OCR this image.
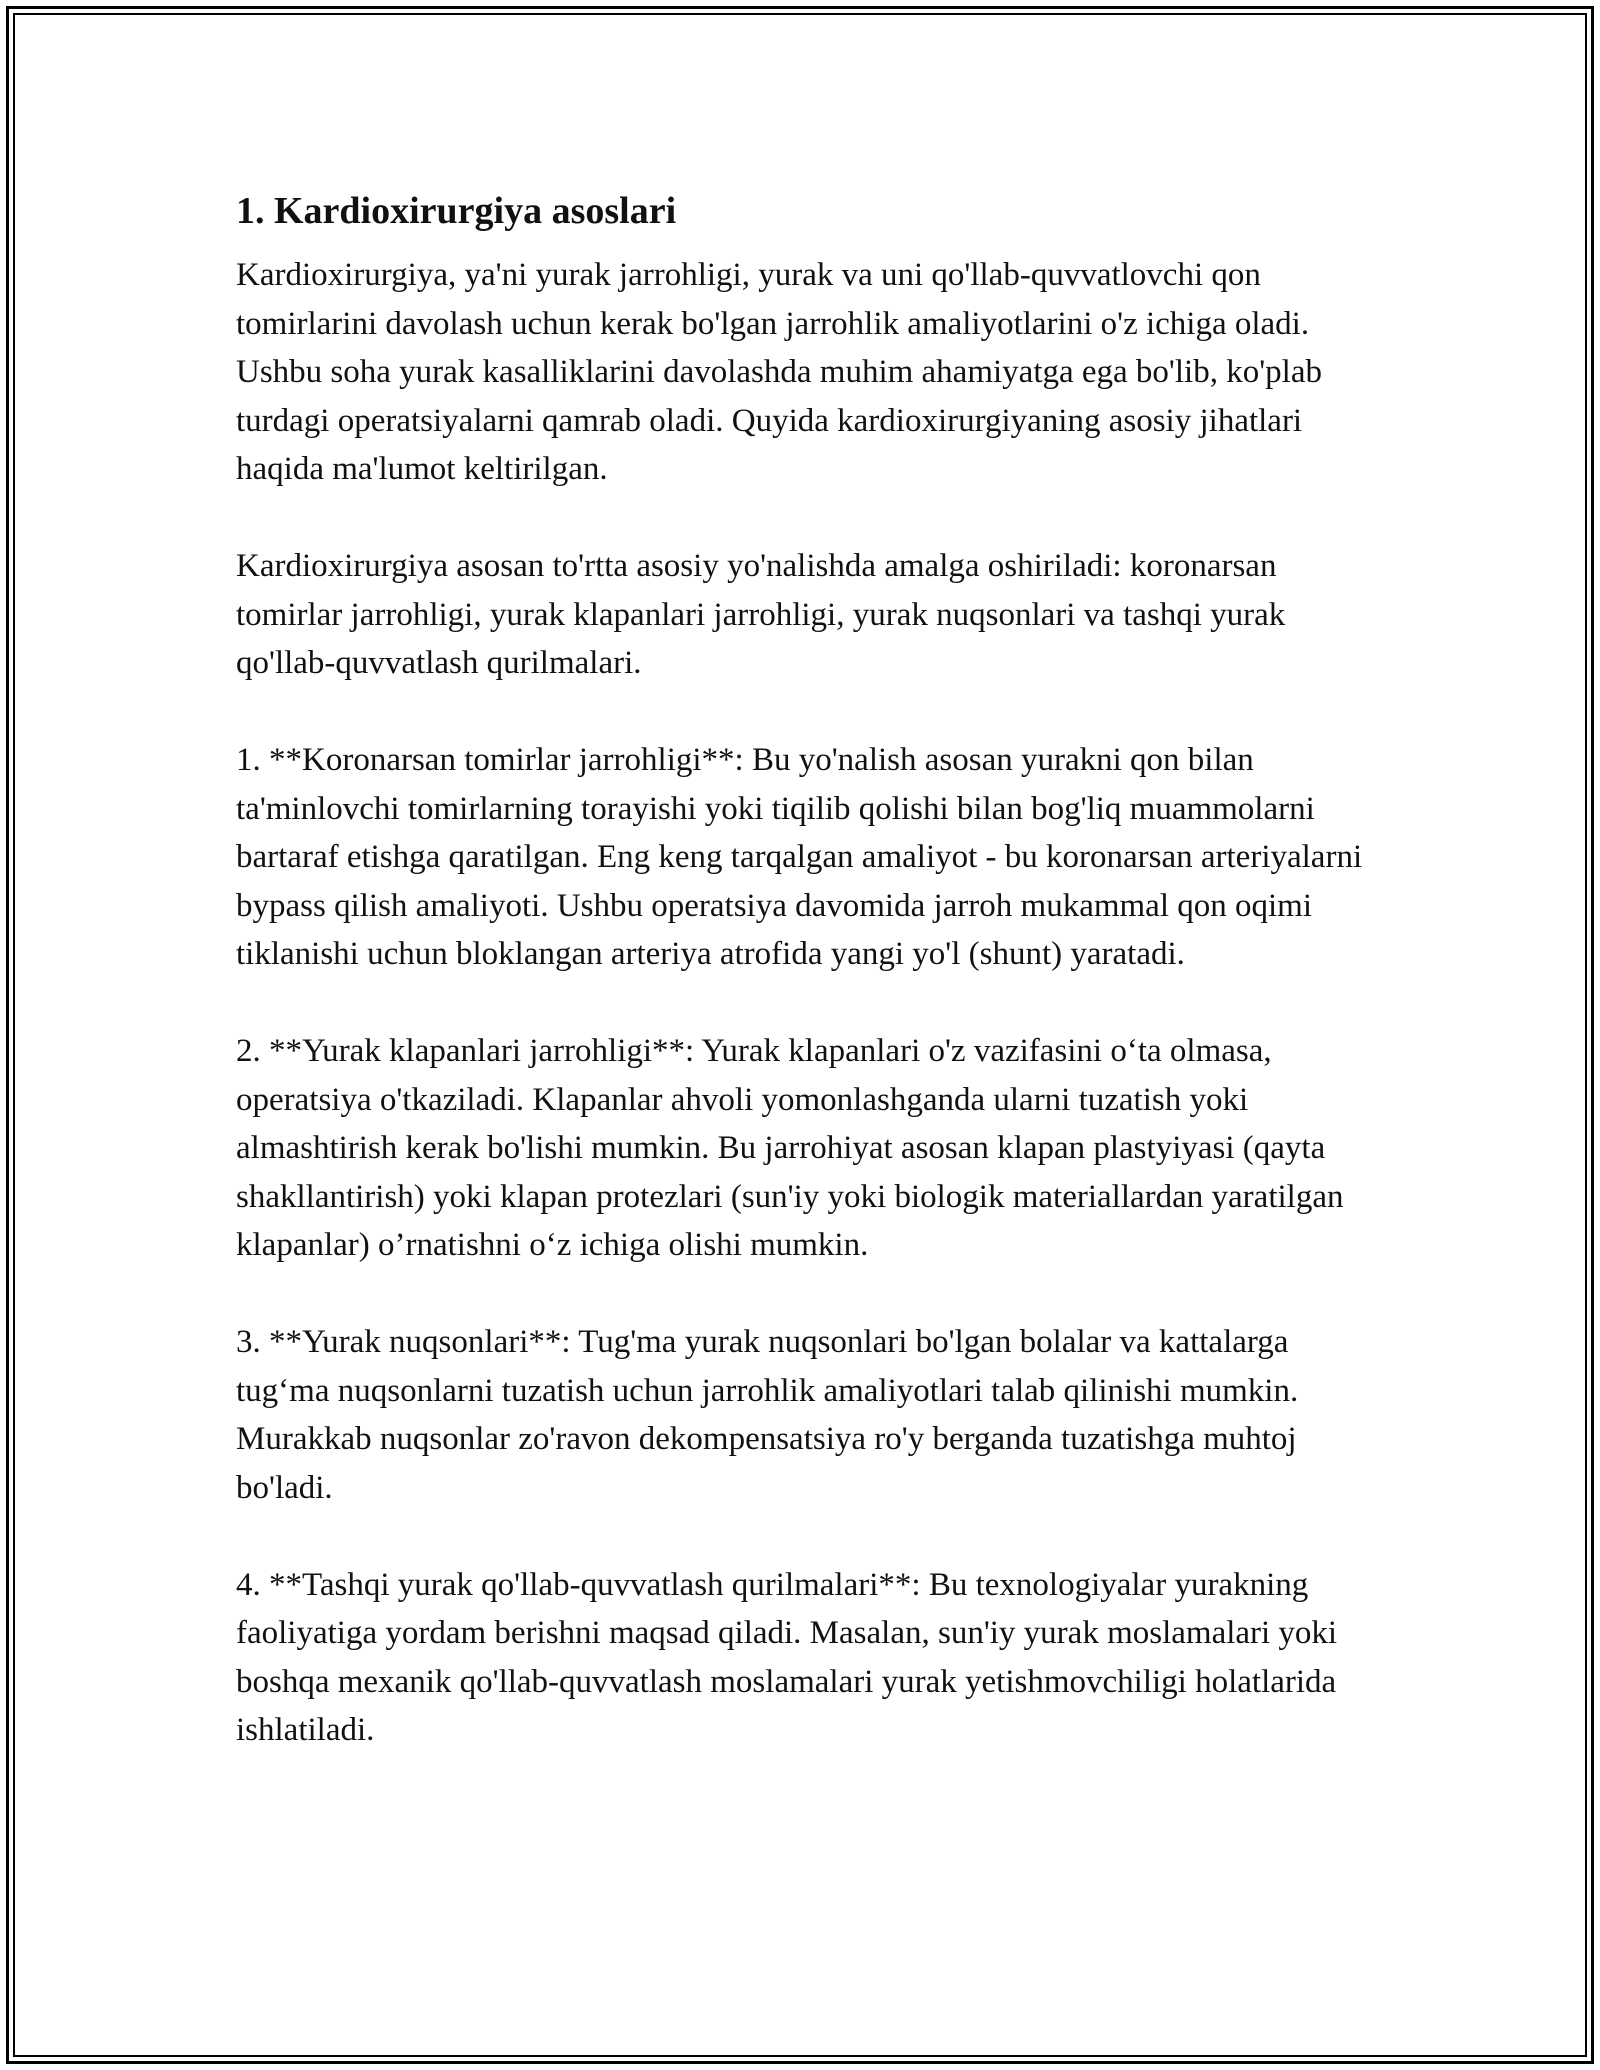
1. Kardioxirurgiya asoslari

Kardioxirurgiya, ya'ni yurak jarrohligi, yurak va uni qo'llab-quvvatlovchi qon tomirlarini davolash uchun kerak bo'lgan jarrohlik amaliyotlarini o'z ichiga oladi. Ushbu soha yurak kasalliklarini davolashda muhim ahamiyatga ega bo'lib, ko'plab turdagi operatsiyalarni qamrab oladi. Quyida kardioxirurgiyaning asosiy jihatlari haqida ma'lumot keltirilgan.

Kardioxirurgiya asosan to'rtta asosiy yo'nalishda amalga oshiriladi: koronarsan tomirlar jarrohligi, yurak klapanlari jarrohligi, yurak nuqsonlari va tashqi yurak qo'llab-quvvatlash qurilmalari.

1. **Koronarsan tomirlar jarrohligi**: Bu yo'nalish asosan yurakni qon bilan ta'minlovchi tomirlarning torayishi yoki tiqilib qolishi bilan bog'liq muammolarni bartaraf etishga qaratilgan. Eng keng tarqalgan amaliyot - bu koronarsan arteriyalarni bypass qilish amaliyoti. Ushbu operatsiya davomida jarroh mukammal qon oqimi tiklanishi uchun bloklangan arteriya atrofida yangi yo'l (shunt) yaratadi.

2. **Yurak klapanlari jarrohligi**: Yurak klapanlari o'z vazifasini o‘ta olmasa, operatsiya o'tkaziladi. Klapanlar ahvoli yomonlashganda ularni tuzatish yoki almashtirish kerak bo'lishi mumkin. Bu jarrohiyat asosan klapan plastyiyasi (qayta shakllantirish) yoki klapan protezlari (sun'iy yoki biologik materiallardan yaratilgan klapanlar) o’rnatishni o‘z ichiga olishi mumkin.

3. **Yurak nuqsonlari**: Tug'ma yurak nuqsonlari bo'lgan bolalar va kattalarga tug‘ma nuqsonlarni tuzatish uchun jarrohlik amaliyotlari talab qilinishi mumkin. Murakkab nuqsonlar zo'ravon dekompensatsiya ro'y berganda tuzatishga muhtoj bo'ladi.

4. **Tashqi yurak qo'llab-quvvatlash qurilmalari**: Bu texnologiyalar yurakning faoliyatiga yordam berishni maqsad qiladi. Masalan, sun'iy yurak moslamalari yoki boshqa mexanik qo'llab-quvvatlash moslamalari yurak yetishmovchiligi holatlarida ishlatiladi.
